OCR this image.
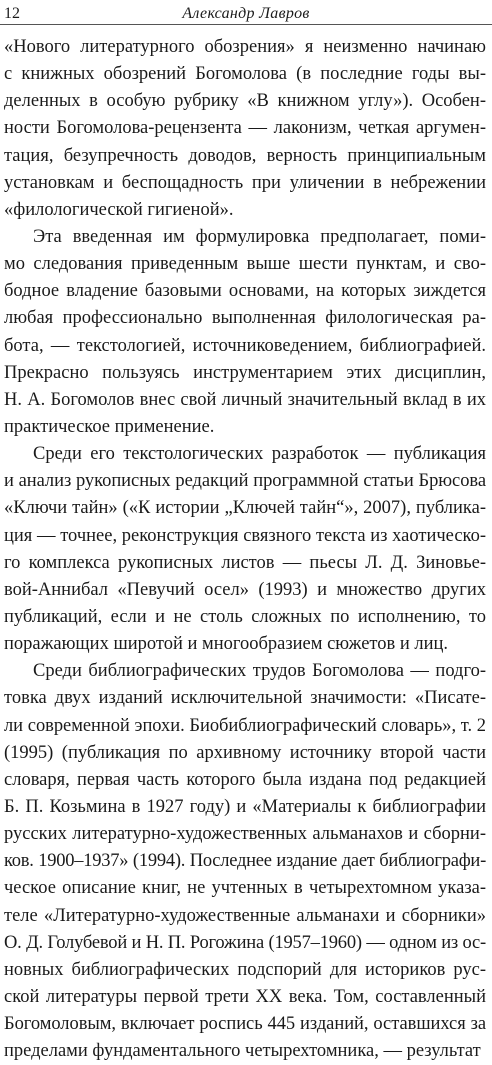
12	Александр Лавров
«Нового литературного обозрения» я неизменно начинаю
с книжных обозрений Богомолова (в последние годы вы-
деленных в особую рубрику «В книжном углу»). Особен-
ности Богомолова-рецензента — лаконизм, четкая аргумен-
тация, безупречность доводов, верность принципиальным
установкам и беспощадность при уличении в небрежении
«филологической гигиеной».
Эта введенная им формулировка предполагает, поми-
мо следования приведенным выше шести пунктам, и сво-
бодное владение базовыми основами, на которых зиждется
любая профессионально выполненная филологическая ра-
бота, — текстологией, источниковедением, библиографией.
Прекрасно пользуясь инструментарием этих дисциплин,
Н. А. Богомолов внес свой личный значительный вклад в их
практическое применение.
Среди его текстологических разработок — публикация
и анализ рукописных редакций программной статьи Брюсова
«Ключи тайн» («К истории „Ключей тайн“», 2007), публика-
ция — точнее, реконструкция связного текста из хаотическо-
го комплекса рукописных листов — пьесы Л. Д. Зиновье-
вой-Аннибал «Певучий осел» (1993) и множество других
публикаций, если и не столь сложных по исполнению, то
поражающих широтой и многообразием сюжетов и лиц.
Среди библиографических трудов Богомолова — подго-
товка двух изданий исключительной значимости: «Писате-
ли современной эпохи. Биобиблиографический словарь», т. 2
(1995) (публикация по архивному источнику второй части
словаря, первая часть которого была издана под редакцией
Б. П. Козьмина в 1927 году) и «Материалы к библиографии
русских литературно-художественных альманахов и сборни-
ков. 1900–1937» (1994). Последнее издание дает библиографи-
ческое описание книг, не учтенных в четырехтомном указа-
теле «Литературно-художественные альманахи и сборники»
О. Д. Голубевой и Н. П. Рогожина (1957–1960) — одном из ос-
новных библиографических подспорий для историков рус-
ской литературы первой трети XX века. Том, составленный
Богомоловым, включает роспись 445 изданий, оставшихся за
пределами фундаментального четырехтомника, — результат
